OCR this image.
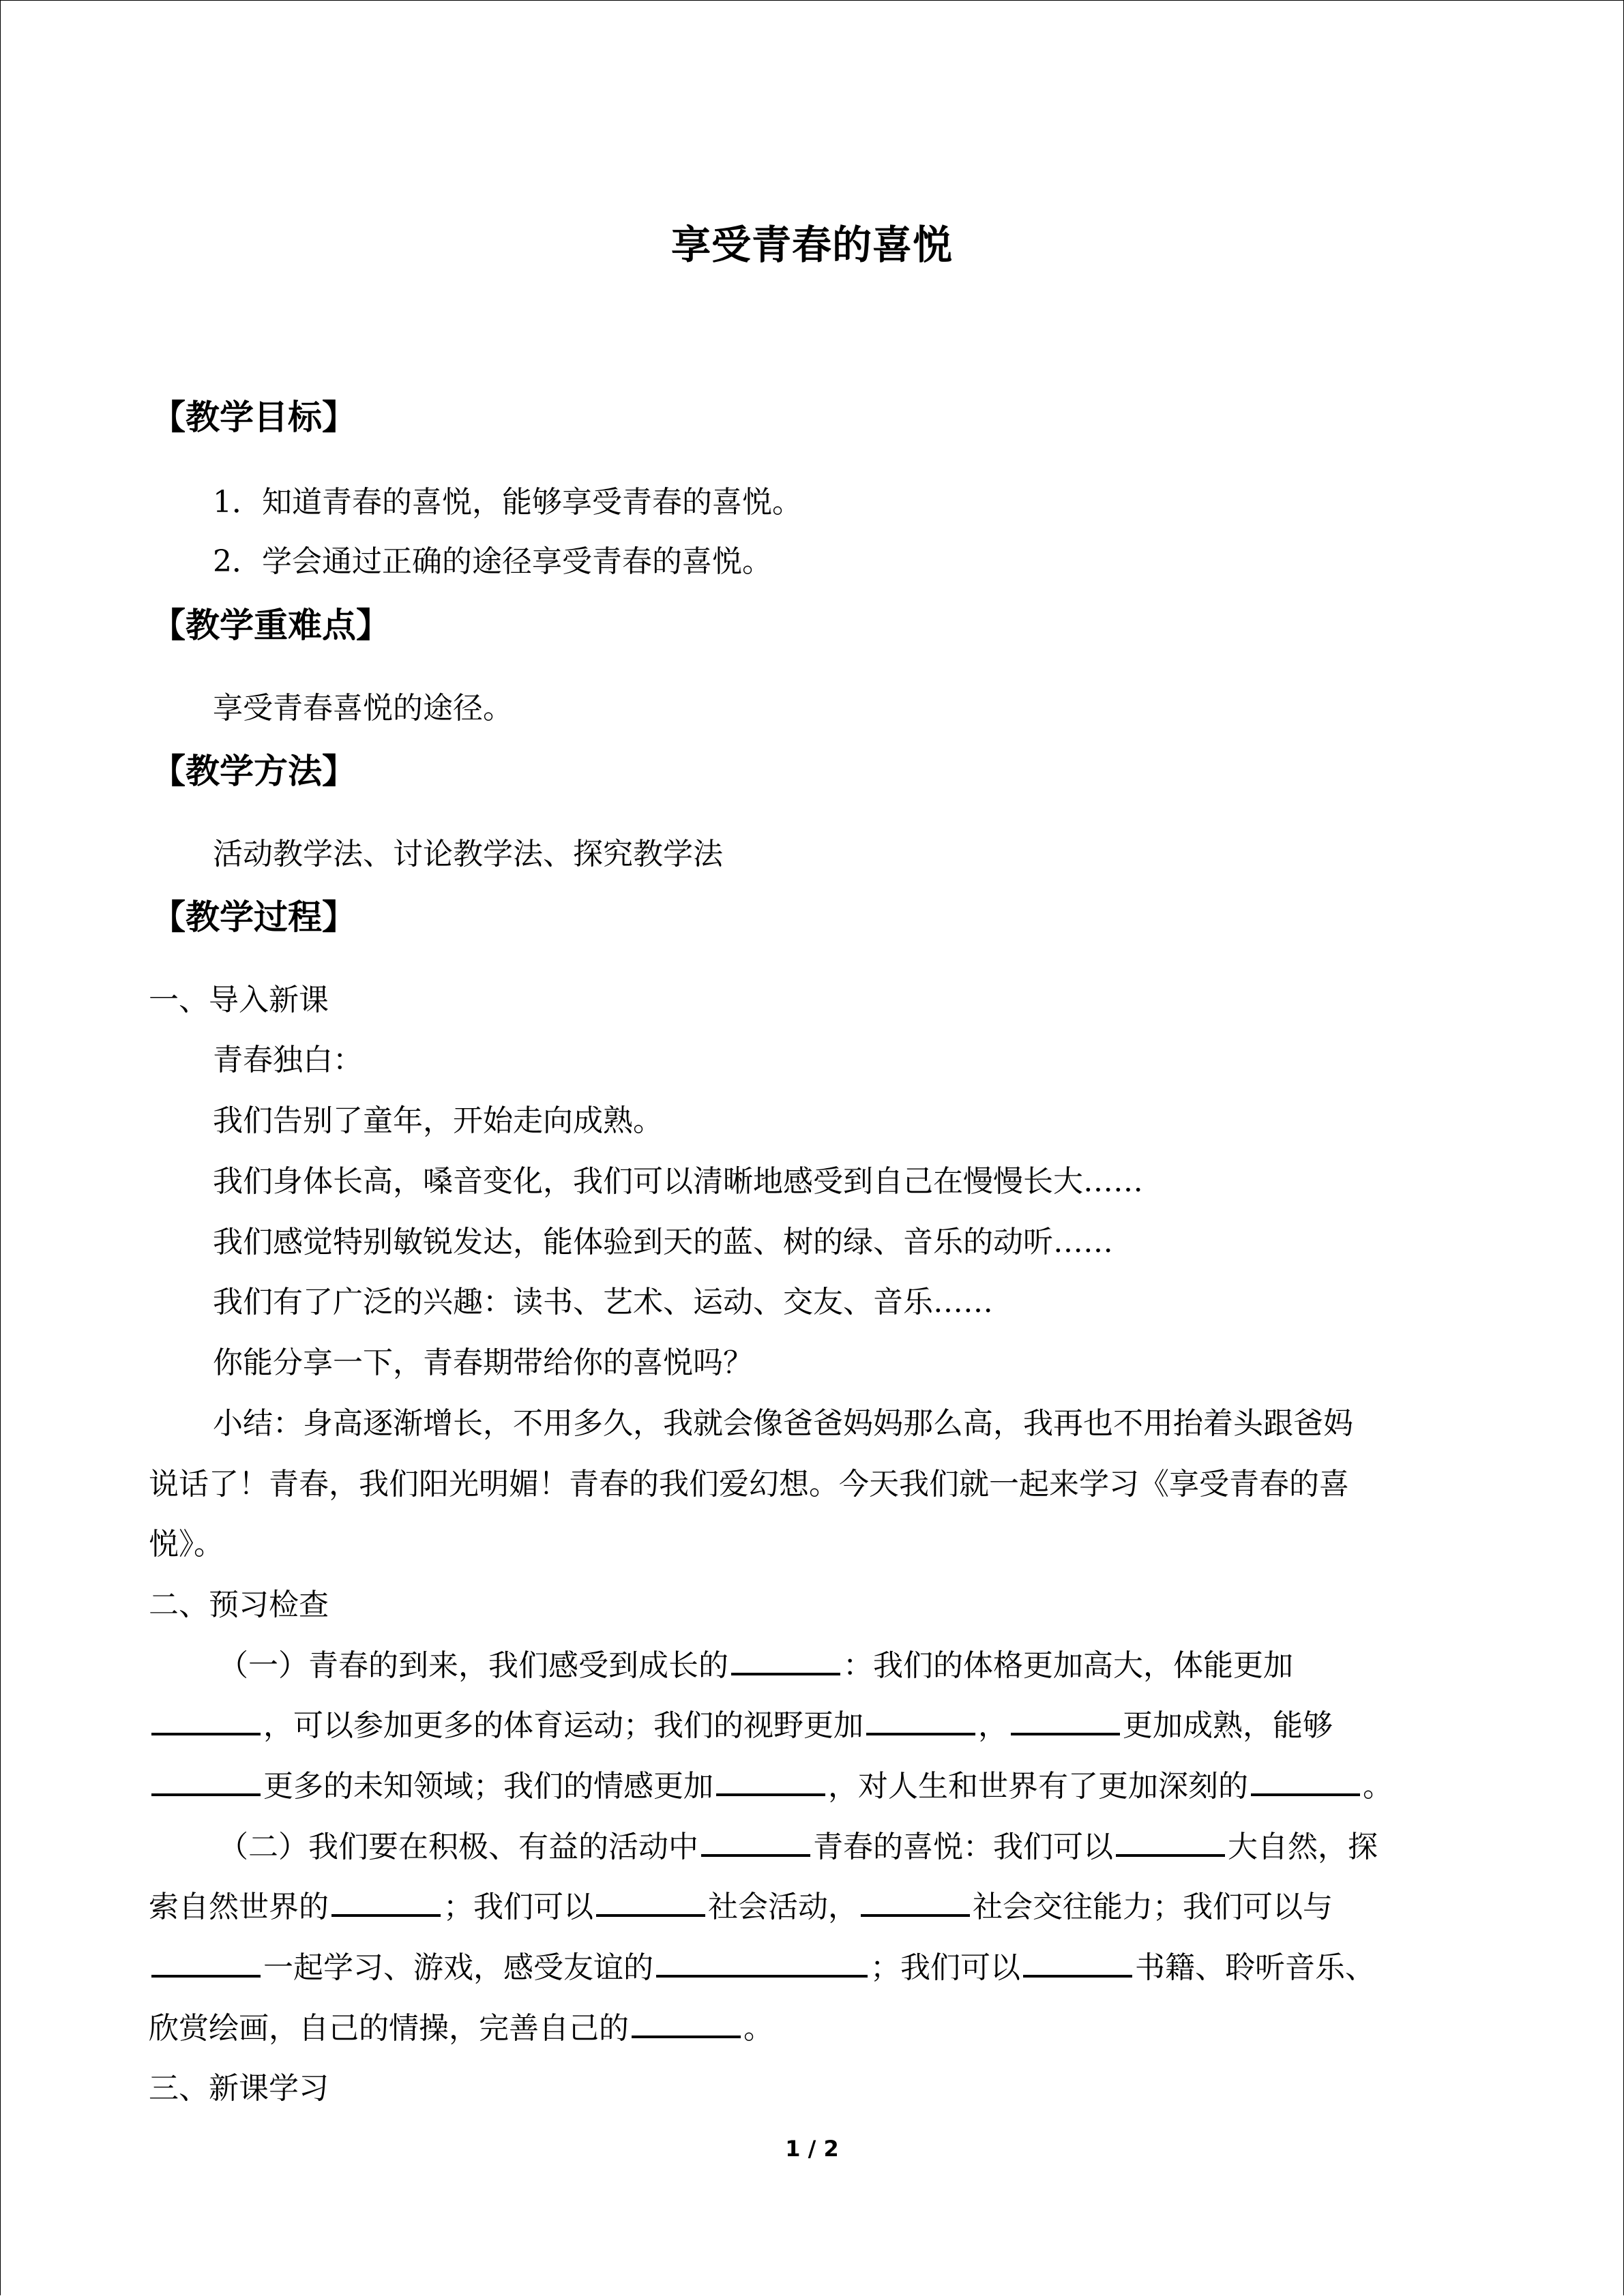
享受青春的喜悦
【教学目标】
1．知道青春的喜悦，能够享受青春的喜悦。
2．学会通过正确的途径享受青春的喜悦。
【教学重难点】
享受青春喜悦的途径。
【教学方法】
活动教学法、讨论教学法、探究教学法
【教学过程】
一、导入新课
青春独白：
我们告别了童年，开始走向成熟。
我们身体长高，嗓音变化，我们可以清晰地感受到自己在慢慢长大……
我们感觉特别敏锐发达，能体验到天的蓝、树的绿、音乐的动听……
我们有了广泛的兴趣：读书、艺术、运动、交友、音乐……
你能分享一下，青春期带给你的喜悦吗？
小结：身高逐渐增长，不用多久，我就会像爸爸妈妈那么高，我再也不用抬着头跟爸妈
说话了！青春，我们阳光明媚！青春的我们爱幻想。今天我们就一起来学习《享受青春的喜
悦》。
二、预习检查
（一）青春的到来，我们感受到成长的	：我们的体格更加高大，体能更加
，可以参加更多的体育运动；我们的视野更加	，	更加成熟，能够
更多的未知领域；我们的情感更加	，对人生和世界有了更加深刻的	。
（二）我们要在积极、有益的活动中	青春的喜悦：我们可以	大自然，探
索自然世界的	；我们可以	社会活动，	社会交往能力；我们可以与
一起学习、游戏，感受友谊的	；我们可以	书籍、聆听音乐、
欣赏绘画，自己的情操，完善自己的	。
三、新课学习
1 / 2
